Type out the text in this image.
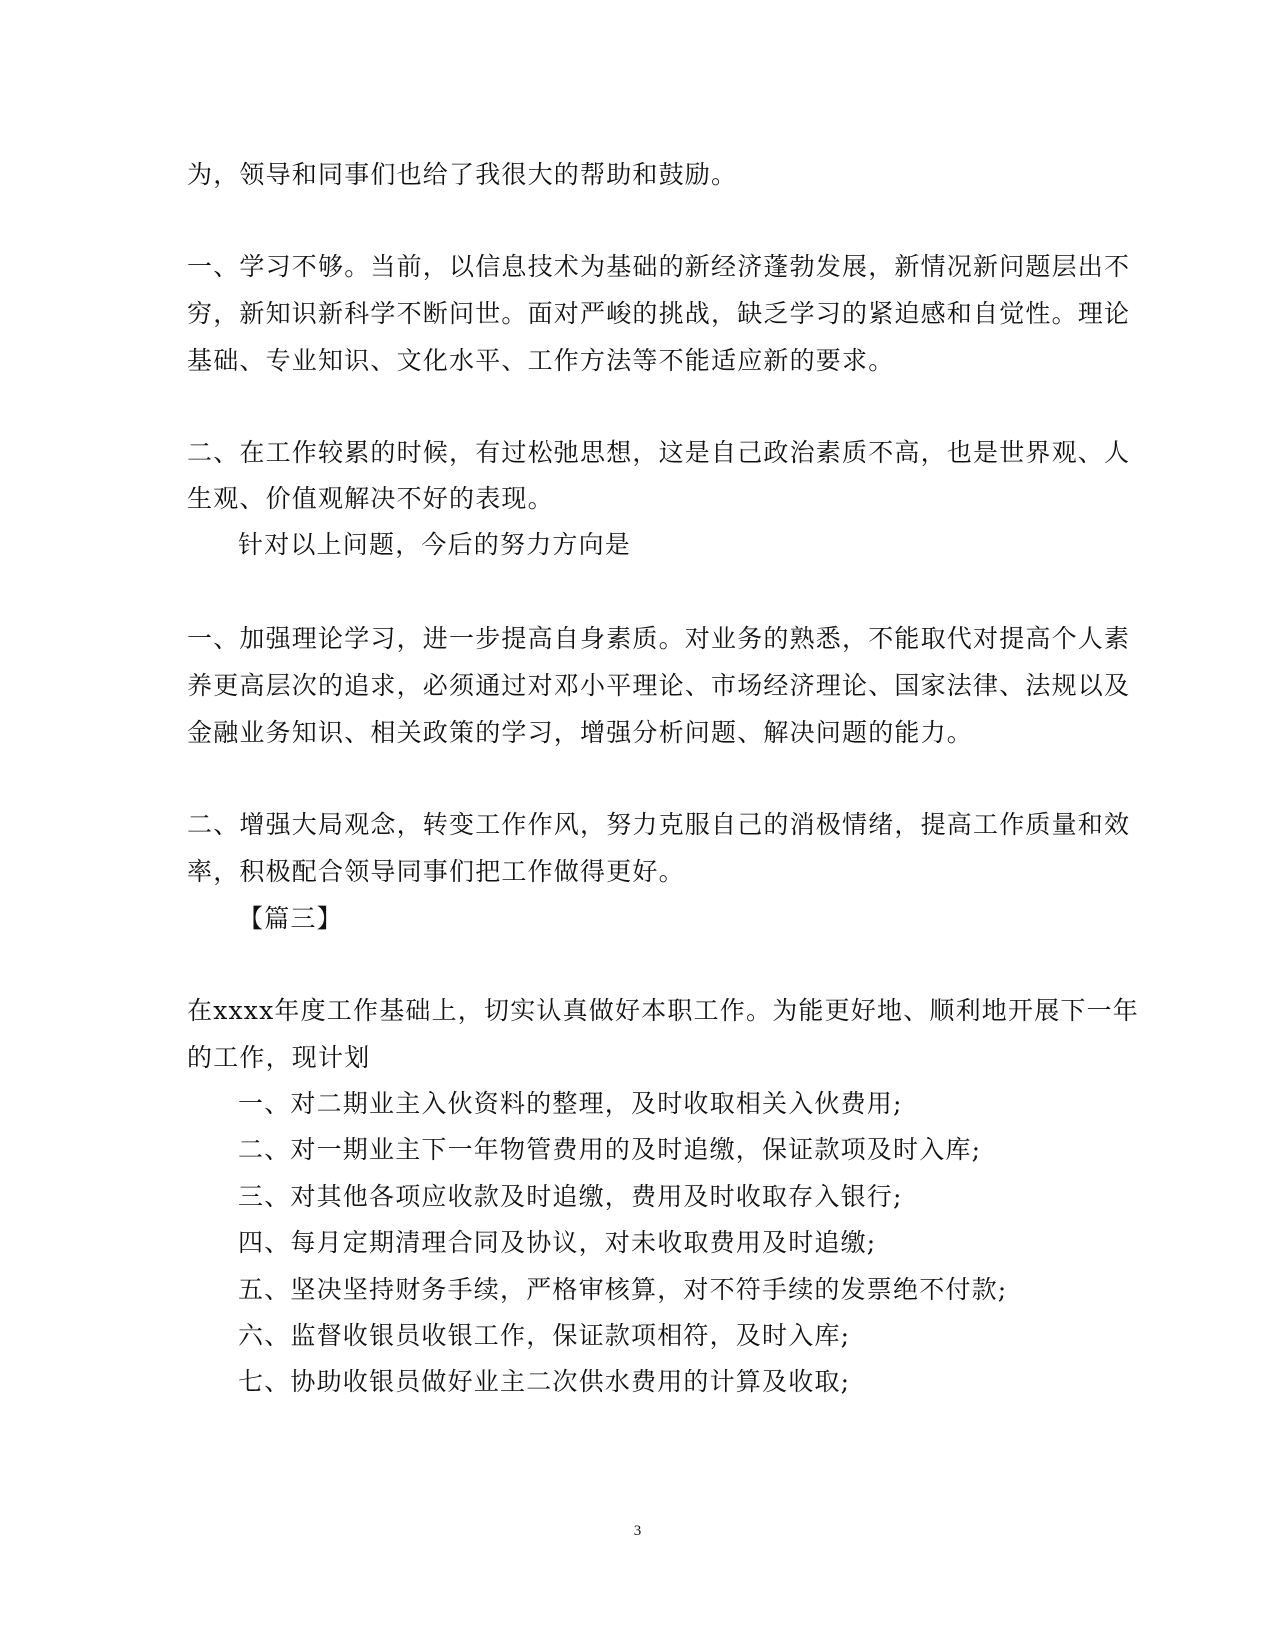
为，领导和同事们也给了我很大的帮助和鼓励。
一、学习不够。当前，以信息技术为基础的新经济蓬勃发展，新情况新问题层出不
穷，新知识新科学不断问世。面对严峻的挑战，缺乏学习的紧迫感和自觉性。理论
基础、专业知识、文化水平、工作方法等不能适应新的要求。
二、在工作较累的时候，有过松弛思想，这是自己政治素质不高，也是世界观、人
生观、价值观解决不好的表现。
针对以上问题，今后的努力方向是
一、加强理论学习，进一步提高自身素质。对业务的熟悉，不能取代对提高个人素
养更高层次的追求，必须通过对邓小平理论、市场经济理论、国家法律、法规以及
金融业务知识、相关政策的学习，增强分析问题、解决问题的能力。
二、增强大局观念，转变工作作风，努力克服自己的消极情绪，提高工作质量和效
率，积极配合领导同事们把工作做得更好。
【篇三】
在xxxx年度工作基础上，切实认真做好本职工作。为能更好地、顺利地开展下一年
的工作，现计划
一、对二期业主入伙资料的整理，及时收取相关入伙费用;
二、对一期业主下一年物管费用的及时追缴，保证款项及时入库;
三、对其他各项应收款及时追缴，费用及时收取存入银行;
四、每月定期清理合同及协议，对未收取费用及时追缴;
五、坚决坚持财务手续，严格审核算，对不符手续的发票绝不付款;
六、监督收银员收银工作，保证款项相符，及时入库;
七、协助收银员做好业主二次供水费用的计算及收取;
3
